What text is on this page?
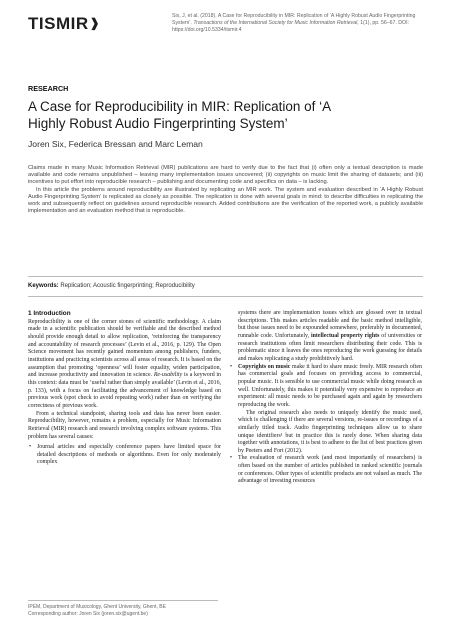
TISMIR❱	Six, J, et al. (2018). A Case for Reproducibility in MIR: Replication of ‘A Highly Robust Audio Fingerprinting System’. Transactions of the International Society for Music Information Retrieval, 1(1), pp. 56–67. DOI: https://doi.org/10.5334/tismir.4
RESEARCH
A Case for Reproducibility in MIR: Replication of ‘A
Highly Robust Audio Fingerprinting System’
Joren Six, Federica Bressan and Marc Leman

Claims made in many Music Information Retrieval (MIR) publications are hard to verify due to the fact that (i) often only a textual description is made available and code remains unpublished – leaving many implementation issues uncovered; (ii) copyrights on music limit the sharing of datasets; and (iii) incentives to put effort into reproducible research – publishing and documenting code and specifics on data – is lacking.

In this article the problems around reproducibility are illustrated by replicating an MIR work. The system and evaluation described in ‘A Highly Robust Audio Fingerprinting System’ is replicated as closely as possible. The replication is done with several goals in mind: to describe difficulties in replicating the work and subsequently reflect on guidelines around reproducible research. Added contributions are the verification of the reported work, a publicly available implementation and an evaluation method that is reproducible.

Keywords: Replication; Acoustic fingerprinting; Reproducibility
1 Introduction

Reproducibility is one of the corner stones of scientific methodology. A claim made in a scientific publication should be verifiable and the described method should provide enough detail to allow replication, ‘reinforcing the transparency and accountability of research processes’ (Levin et al., 2016, p. 129). The Open Science movement has recently gained momentum among publishers, funders, institutions and practicing scientists across all areas of research. It is based on the assumption that promoting ‘openness’ will foster equality, widen participation, and increase productivity and innovation in science. Re-usability is a keyword in this context: data must be ‘useful rather than simply available’ (Levin et al., 2016, p. 133), with a focus on facilitating the advancement of knowledge based on previous work (spot check to avoid repeating work) rather than on verifying the correctness of previous work.

From a technical standpoint, sharing tools and data has never been easier. Reproducibility, however, remains a problem, especially for Music Information Retrieval (MIR) research and research involving complex software systems. This problem has several causes:

• Journal articles and especially conference papers have limited space for detailed descriptions of methods or algorithms. Even for only moderately complex

systems there are implementation issues which are glossed over in textual descriptions. This makes articles readable and the basic method intelligible, but those issues need to be expounded somewhere, preferably in documented, runnable code. Unfortunately, intellectual property rights of universities or research institutions often limit researchers distributing their code. This is problematic since it leaves the ones reproducing the work guessing for details and makes replicating a study prohibitively hard.

• Copyrights on music make it hard to share music freely. MIR research often has commercial goals and focuses on providing access to commercial, popular music. It is sensible to use commercial music while doing research as well. Unfortunately, this makes it potentially very expensive to reproduce an experiment: all music needs to be purchased again and again by researchers reproducing the work.

The original research also needs to uniquely identify the music used, which is challenging if there are several versions, re-issues or recordings of a similarly titled track. Audio fingerprinting techniques allow us to share unique identifiers¹ but in practice this is rarely done. When sharing data together with annotations, it is best to adhere to the list of best practices given by Peeters and Fort (2012).

• The evaluation of research work (and most importantly of researchers) is often based on the number of articles published in ranked scientific journals or conferences. Other types of scientific products are not valued as much. The advantage of investing resources

IPEM, Department of Musicology, Ghent University, Ghent, BE
Corresponding author: Joren Six (joren.six@ugent.be)
